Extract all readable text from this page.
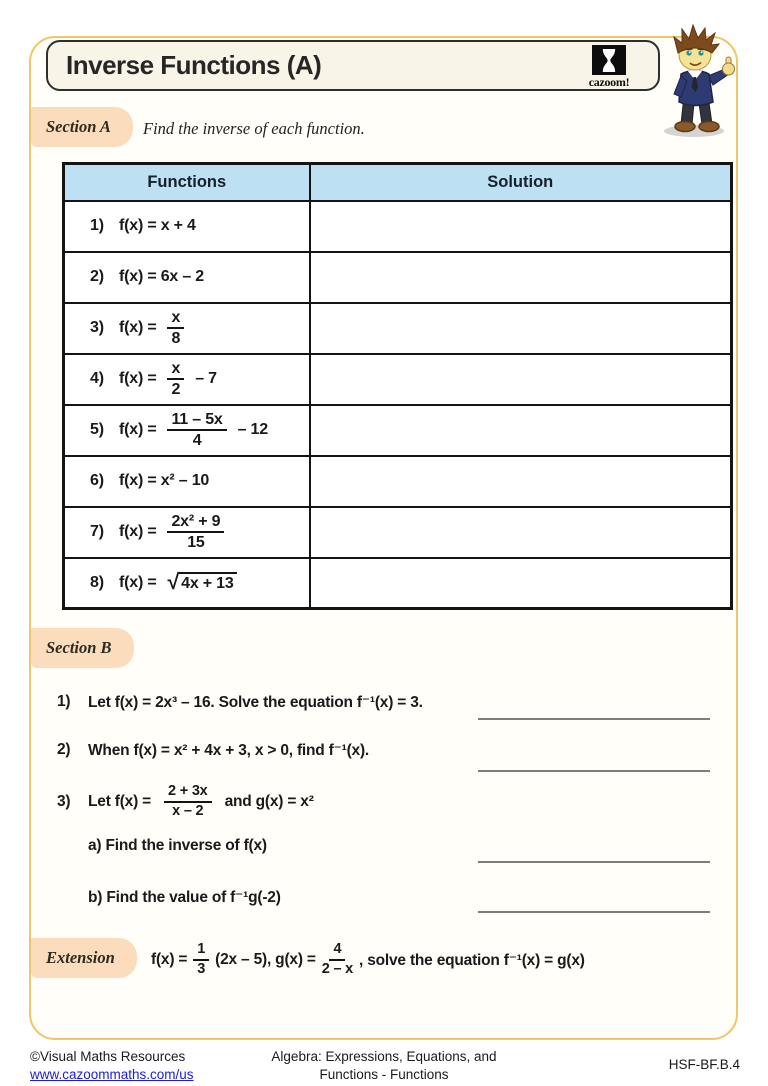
Inverse Functions (A)
cazoom!
Section A	Find the inverse of each function.
Functions	Solution

1) f(x) = x + 4	

2) f(x) = 6x – 2	

3) $f(x) = \frac{x}{8}$

4) $f(x) = \frac{x}{2} - 7$	

5) $f(x) = \frac{11 - 5x}{4} - 12$	

6) f(x) = x² – 10	

7) $f(x) = \frac{\text{2x² + 9}}{15}$

8) f(x) = √ 4x + 13	

Section B
1) Let f(x) = 2x³ – 16. Solve the equation f⁻¹(x) = 3.
2) When f(x) = x² + 4x + 3, x > 0, find f⁻¹(x).
3) Let $f(x) = \frac{2 + 3x}{x - 2}$ and g(x) = x²
a) Find the inverse of f(x)
b) Find the value of f⁻¹g(-2)
Extension	$f(x) = \frac{1}{3} (2x - 5)$, $g(x) = \frac{4}{2 - x}$ , solve the equation f⁻¹(x) = g(x)
©Visual Maths Resources
www.cazoommaths.com/us
Algebra: Expressions, Equations, and
Functions - Functions
HSF-BF.B.4
